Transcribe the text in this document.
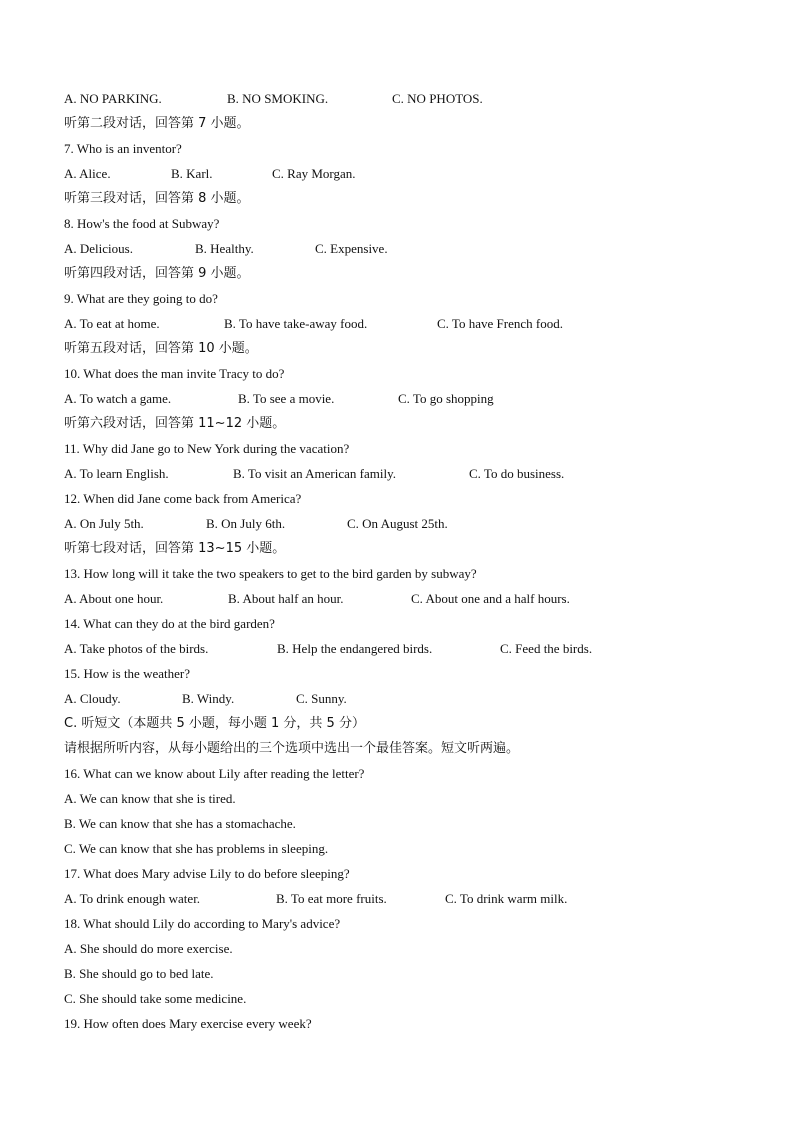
A. NO PARKING.	B. NO SMOKING.	C. NO PHOTOS.
听第二段对话，回答第 7 小题。
7. Who is an inventor?
A. Alice.	B. Karl.	C. Ray Morgan.
听第三段对话，回答第 8 小题。
8. How's the food at Subway?
A. Delicious.	B. Healthy.	C. Expensive.
听第四段对话，回答第 9 小题。
9. What are they going to do?
A. To eat at home.	B. To have take-away food.	C. To have French food.
听第五段对话，回答第 10 小题。
10. What does the man invite Tracy to do?
A. To watch a game.	B. To see a movie.	C. To go shopping
听第六段对话，回答第 11~12 小题。
11. Why did Jane go to New York during the vacation?
A. To learn English.	B. To visit an American family.	C. To do business.
12. When did Jane come back from America?
A. On July 5th.	B. On July 6th.	C. On August 25th.
听第七段对话，回答第 13~15 小题。
13. How long will it take the two speakers to get to the bird garden by subway?
A. About one hour.	B. About half an hour.	C. About one and a half hours.
14. What can they do at the bird garden?
A. Take photos of the birds.	B. Help the endangered birds.	C. Feed the birds.
15. How is the weather?
A. Cloudy.	B. Windy.	C. Sunny.
C. 听短文（本题共 5 小题，每小题 1 分，共 5 分）
请根据所听内容，从每小题给出的三个选项中选出一个最佳答案。短文听两遍。
16. What can we know about Lily after reading the letter?
A. We can know that she is tired.
B. We can know that she has a stomachache.
C. We can know that she has problems in sleeping.
17. What does Mary advise Lily to do before sleeping?
A. To drink enough water.	B. To eat more fruits.	C. To drink warm milk.
18. What should Lily do according to Mary's advice?
A. She should do more exercise.
B. She should go to bed late.
C. She should take some medicine.
19. How often does Mary exercise every week?
